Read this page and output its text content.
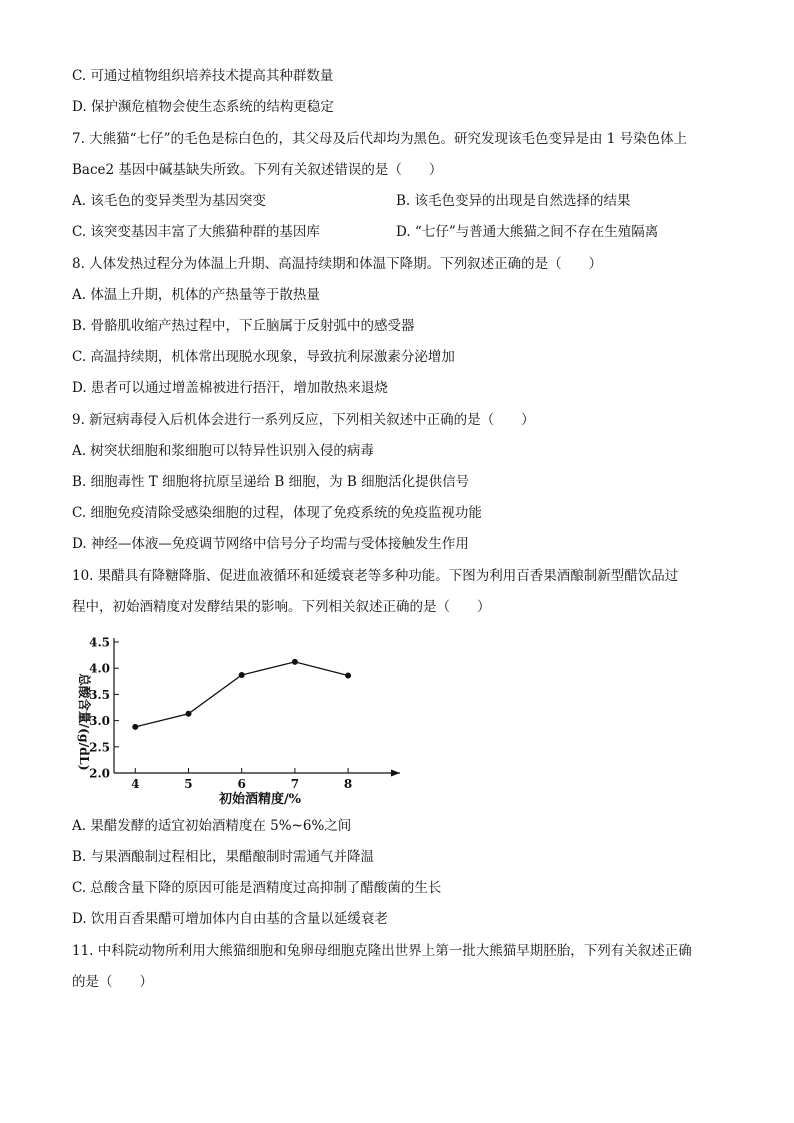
C. 可通过植物组织培养技术提高其种群数量
D. 保护濒危植物会使生态系统的结构更稳定
7. 大熊猫“七仔”的毛色是棕白色的，其父母及后代却均为黑色。研究发现该毛色变异是由 1 号染色体上
Bace2 基因中碱基缺失所致。下列有关叙述错误的是（　　）
A. 该毛色的变异类型为基因突变	B. 该毛色变异的出现是自然选择的结果
C. 该突变基因丰富了大熊猫种群的基因库	D. “七仔”与普通大熊猫之间不存在生殖隔离
8. 人体发热过程分为体温上升期、高温持续期和体温下降期。下列叙述正确的是（　　）
A. 体温上升期，机体的产热量等于散热量
B. 骨骼肌收缩产热过程中，下丘脑属于反射弧中的感受器
C. 高温持续期，机体常出现脱水现象，导致抗利尿激素分泌增加
D. 患者可以通过增盖棉被进行捂汗，增加散热来退烧
9. 新冠病毒侵入后机体会进行一系列反应，下列相关叙述中正确的是（　　）
A. 树突状细胞和浆细胞可以特异性识别入侵的病毒
B. 细胞毒性 T 细胞将抗原呈递给 B 细胞，为 B 细胞活化提供信号
C. 细胞免疫清除受感染细胞的过程，体现了免疫系统的免疫监视功能
D. 神经—体液—免疫调节网络中信号分子均需与受体接触发生作用
10. 果醋具有降糖降脂、促进血液循环和延缓衰老等多种功能。下图为利用百香果酒酿制新型醋饮品过
程中，初始酒精度对发酵结果的影响。下列相关叙述正确的是（　　）
2.0
2.5
3.0
3.5
4.0
4.5
4	5	6	7	8
初始酒精度/%
总酸含量/(g/dL)
A. 果醋发酵的适宜初始酒精度在 5%~6%之间
B. 与果酒酿制过程相比，果醋酿制时需通气并降温
C. 总酸含量下降的原因可能是酒精度过高抑制了醋酸菌的生长
D. 饮用百香果醋可增加体内自由基的含量以延缓衰老
11. 中科院动物所利用大熊猫细胞和兔卵母细胞克隆出世界上第一批大熊猫早期胚胎，下列有关叙述正确
的是（　　）
